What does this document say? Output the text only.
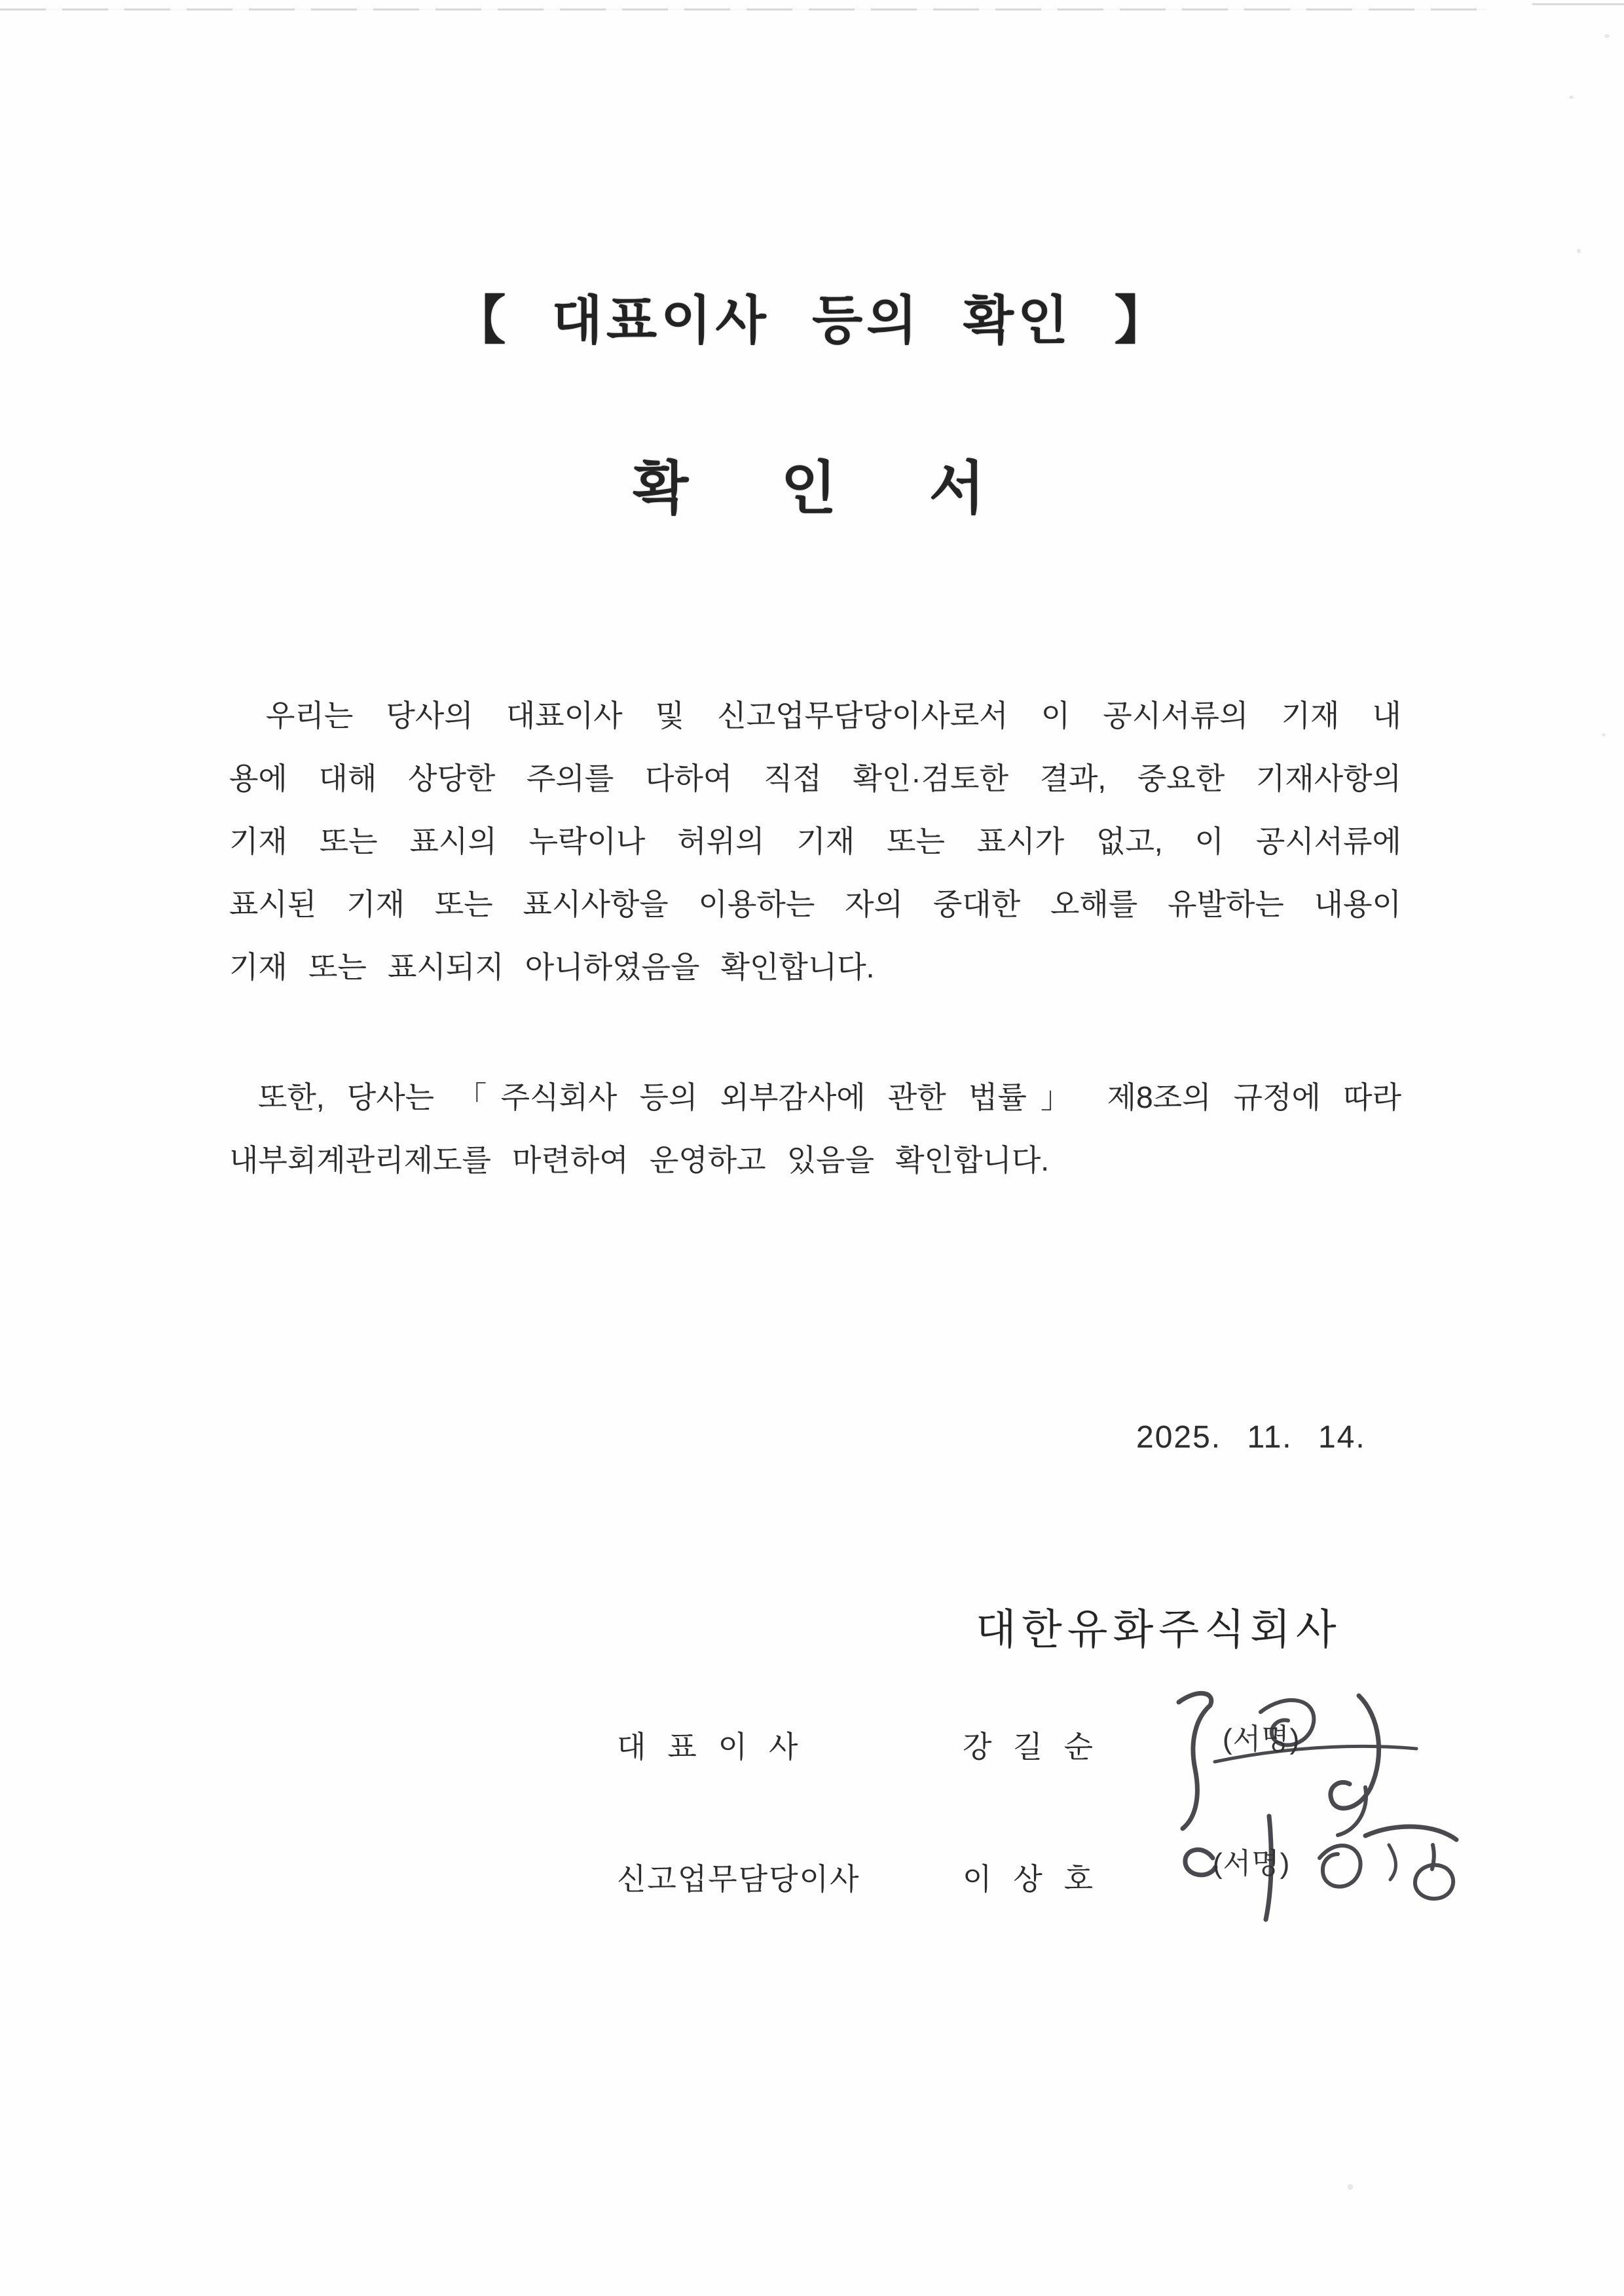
【 대표이사 등의 확인 】
확 인 서
우리는 당사의 대표이사 및 신고업무담당이사로서 이 공시서류의 기재 내
용에 대해 상당한 주의를 다하여 직접 확인·검토한 결과, 중요한 기재사항의
기재 또는 표시의 누락이나 허위의 기재 또는 표시가 없고, 이 공시서류에
표시된 기재 또는 표시사항을 이용하는 자의 중대한 오해를 유발하는 내용이
기재 또는 표시되지 아니하였음을 확인합니다.
또한, 당사는 「주식회사 등의 외부감사에 관한 법률」 제8조의 규정에 따라
내부회계관리제도를 마련하여 운영하고 있음을 확인합니다.
2025. 11. 14.
대한유화주식회사
대 표 이 사	강 길 순	(서명)
신고업무담당이사	이 상 호	(서명)
